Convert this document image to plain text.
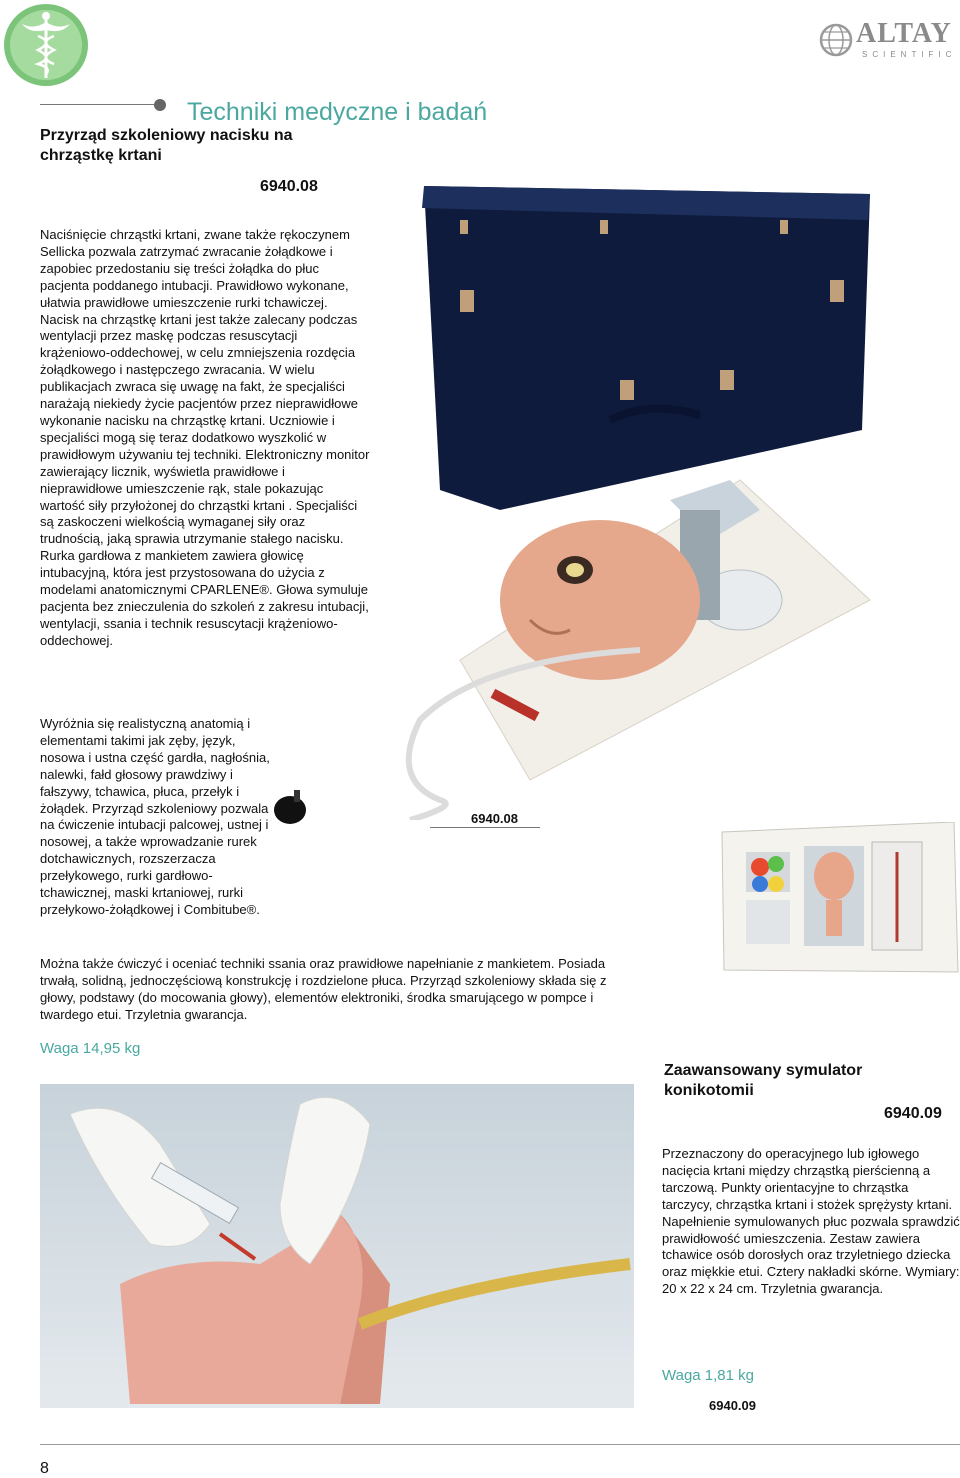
ALTAY
SCIENTIFIC
Techniki medyczne i badań
Przyrząd szkoleniowy nacisku na chrząstkę krtani
6940.08

Naciśnięcie chrząstki krtani, zwane także rękoczynem Sellicka pozwala zatrzymać zwracanie żołądkowe i zapobiec przedostaniu się treści żołądka do płuc pacjenta poddanego intubacji. Prawidłowo wykonane, ułatwia prawidłowe umieszczenie rurki tchawiczej. Nacisk na chrząstkę krtani jest także zalecany podczas wentylacji przez maskę podczas resuscytacji krążeniowo-oddechowej, w celu zmniejszenia rozdęcia żołądkowego i następczego zwracania. W wielu publikacjach zwraca się uwagę na fakt, że specjaliści narażają niekiedy życie pacjentów przez nieprawidłowe wykonanie nacisku na chrząstkę krtani. Uczniowie i specjaliści mogą się teraz dodatkowo wyszkolić w prawidłowym używaniu tej techniki. Elektroniczny monitor zawierający licznik, wyświetla prawidłowe i nieprawidłowe umieszczenie rąk, stale pokazując wartość siły przyłożonej do chrząstki krtani . Specjaliści są zaskoczeni wielkością wymaganej siły oraz trudnością, jaką sprawia utrzymanie stałego nacisku. Rurka gardłowa z mankietem zawiera głowicę intubacyjną, która jest przystosowana do użycia z modelami anatomicznymi CPARLENE®. Głowa symuluje pacjenta bez znieczulenia do szkoleń z zakresu intubacji, wentylacji, ssania i technik resuscytacji krążeniowo-oddechowej.

Wyróżnia się realistyczną anatomią i elementami takimi jak zęby, język, nosowa i ustna część gardła, nagłośnia, nalewki, fałd głosowy prawdziwy i fałszywy, tchawica, płuca, przełyk i żołądek. Przyrząd szkoleniowy pozwala na ćwiczenie intubacji palcowej, ustnej i nosowej, a także wprowadzanie rurek dotchawicznych, rozszerzacza przełykowego, rurki gardłowo-tchawicznej, maski krtaniowej, rurki przełykowo-żołądkowej i Combitube®.

Można także ćwiczyć i oceniać techniki ssania oraz prawidłowe napełnianie z mankietem. Posiada trwałą, solidną, jednoczęściową konstrukcję i rozdzielone płuca. Przyrząd szkoleniowy składa się z głowy, podstawy (do mocowania głowy), elementów elektroniki, środka smarującego w pompce i twardego etui. Trzyletnia gwarancja.

Waga 14,95 kg
6940.08
Zaawansowany symulator konikotomii
6940.09

Przeznaczony do operacyjnego lub igłowego nacięcia krtani między chrząstką pierścienną a tarczową. Punkty orientacyjne to chrząstka tarczycy, chrząstka krtani i stożek sprężysty krtani. Napełnienie symulowanych płuc pozwala sprawdzić prawidłowość umieszczenia. Zestaw zawiera tchawice osób dorosłych oraz trzyletniego dziecka oraz miękkie etui. Cztery nakładki skórne. Wymiary: 20 x 22 x 24 cm. Trzyletnia gwarancja.

Waga 1,81 kg
6940.09
8
